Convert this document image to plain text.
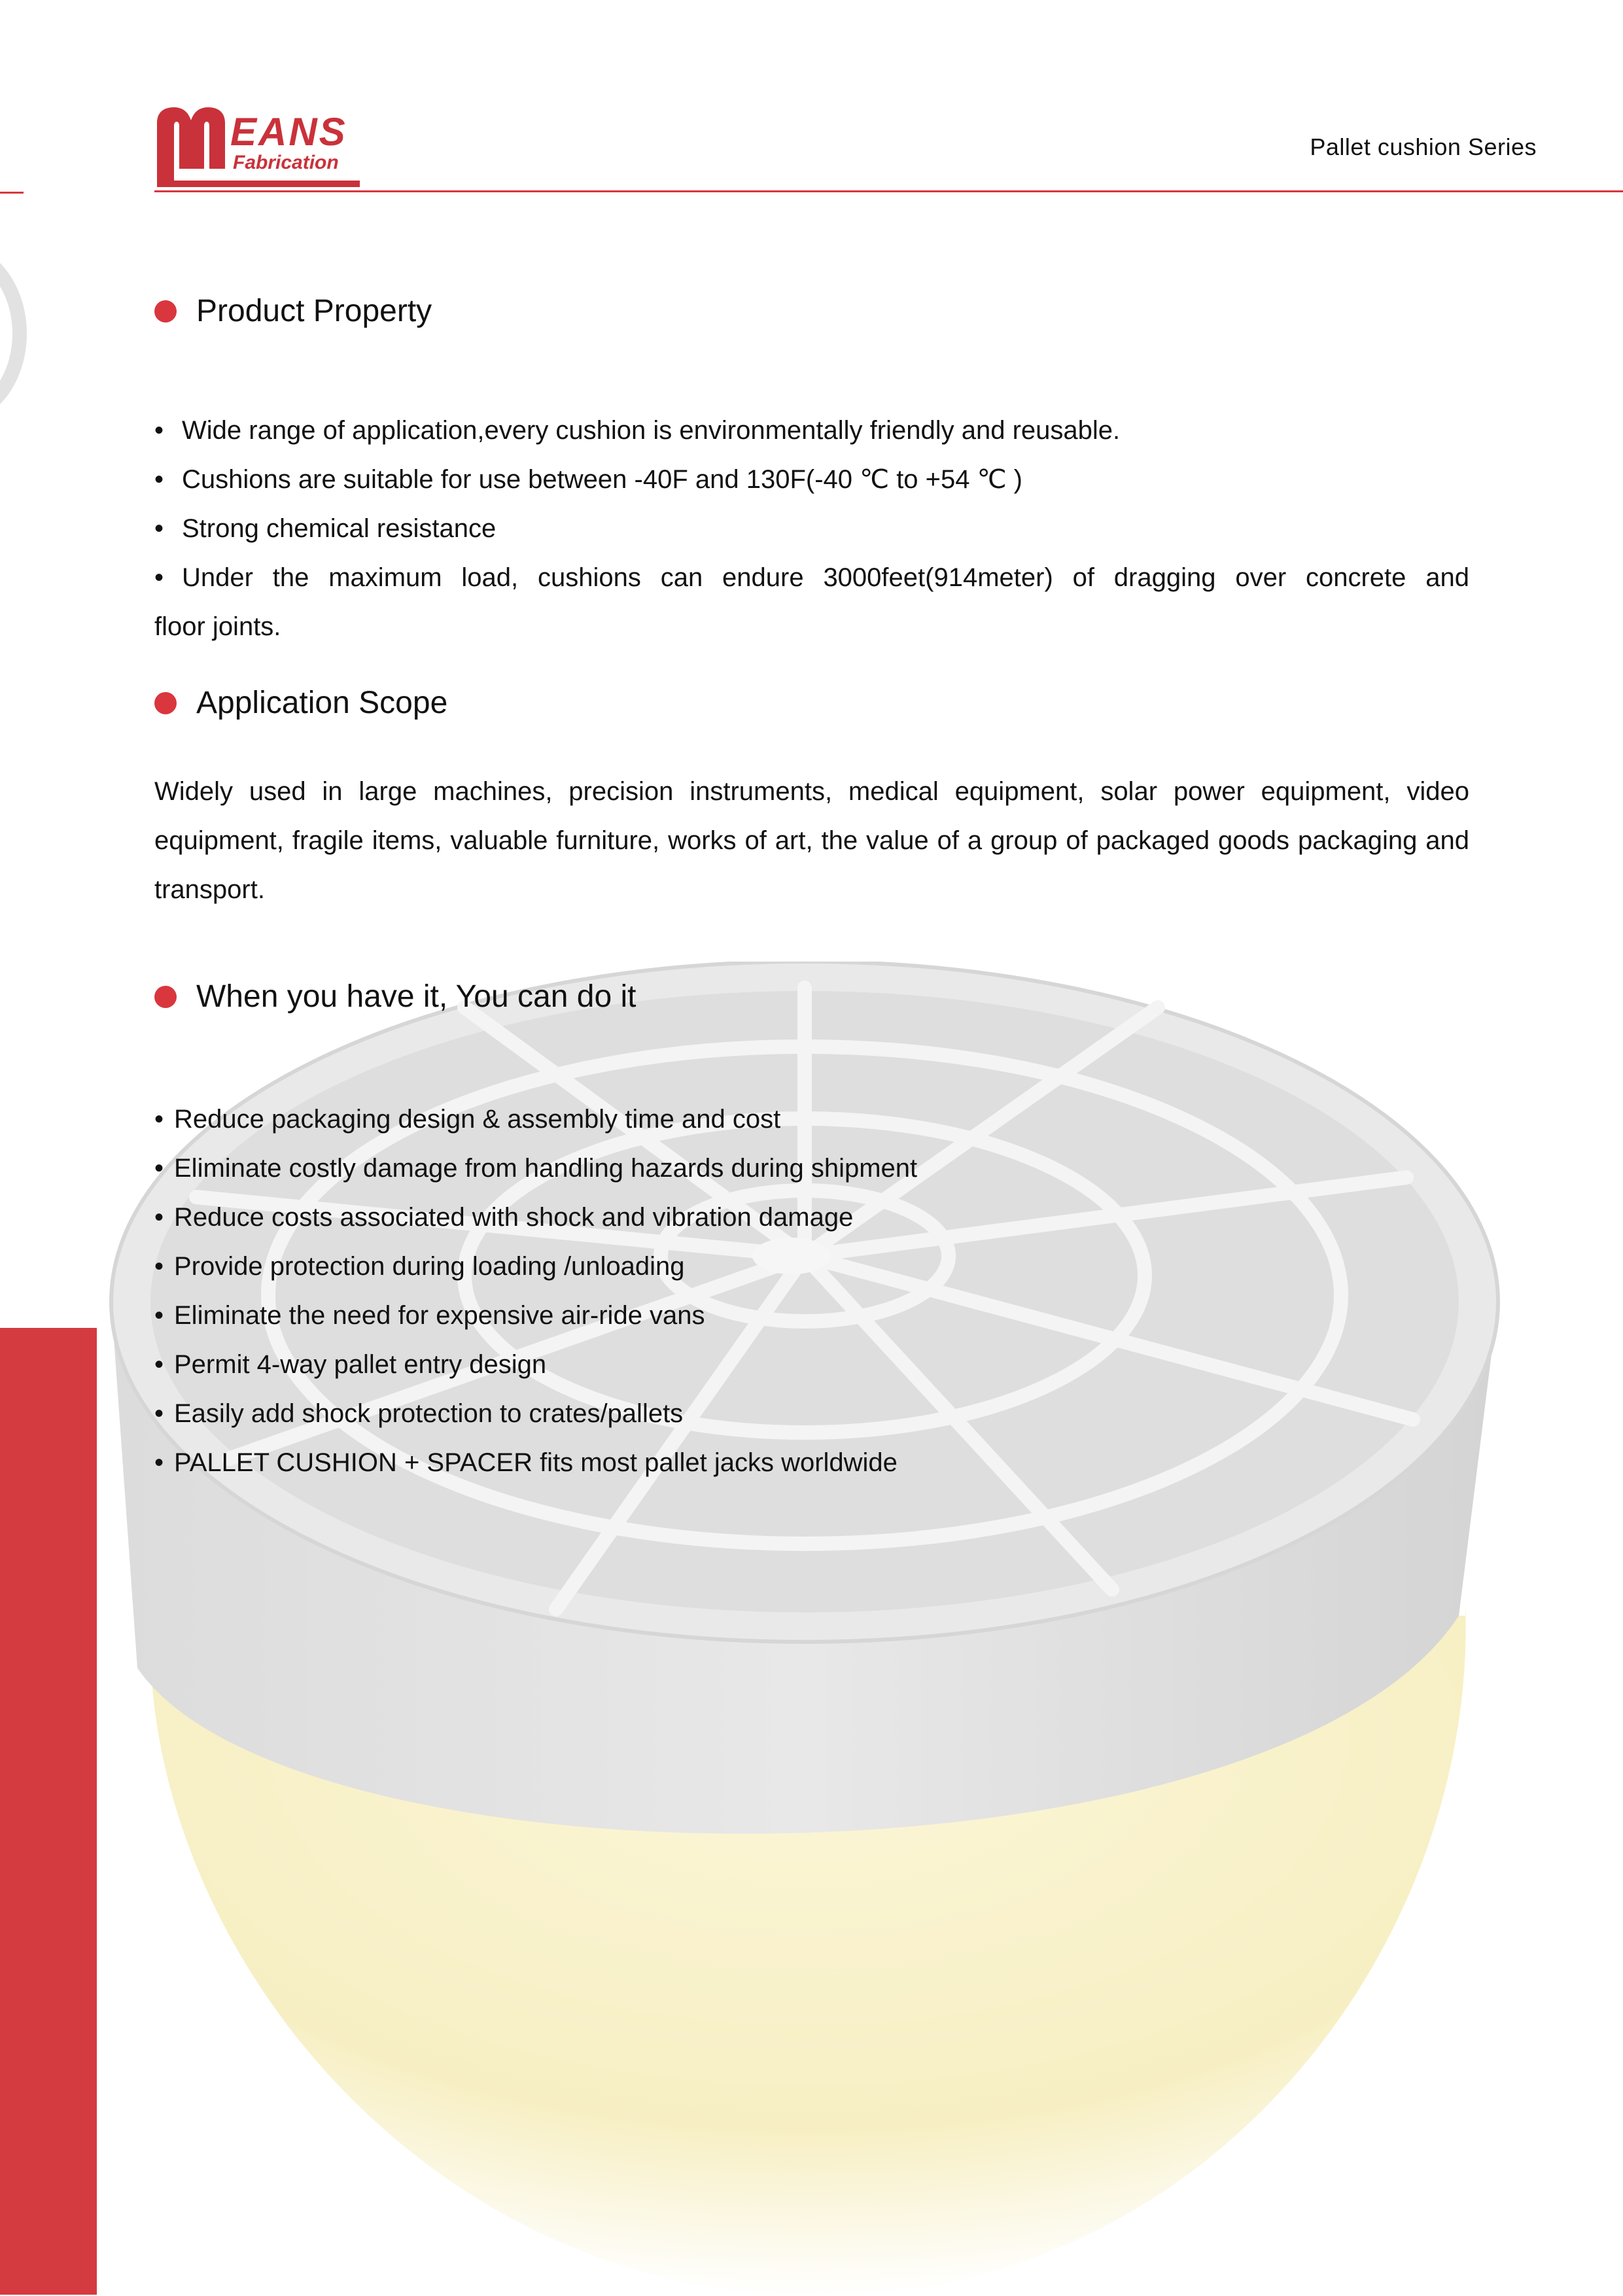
EANS
Fabrication
Pallet cushion Series
Product Property
• Wide range of application,every cushion is environmentally friendly and reusable.
• Cushions are suitable for use between -40F and 130F(-40 ℃ to +54 ℃ )
• Strong chemical resistance
• Under the maximum load, cushions can endure 3000feet(914meter) of dragging over concrete and
floor joints.
Application Scope
Widely used in large machines, precision instruments, medical equipment, solar power equipment, video equipment, fragile items, valuable furniture, works of art, the value of a group of packaged goods packaging and transport.
When you have it, You can do it
• Reduce packaging design & assembly time and cost
• Eliminate costly damage from handling hazards during shipment
• Reduce costs associated with shock and vibration damage
• Provide protection during loading /unloading
• Eliminate the need for expensive air-ride vans
• Permit 4-way pallet entry design
• Easily add shock protection to crates/pallets
• PALLET CUSHION + SPACER fits most pallet jacks worldwide
